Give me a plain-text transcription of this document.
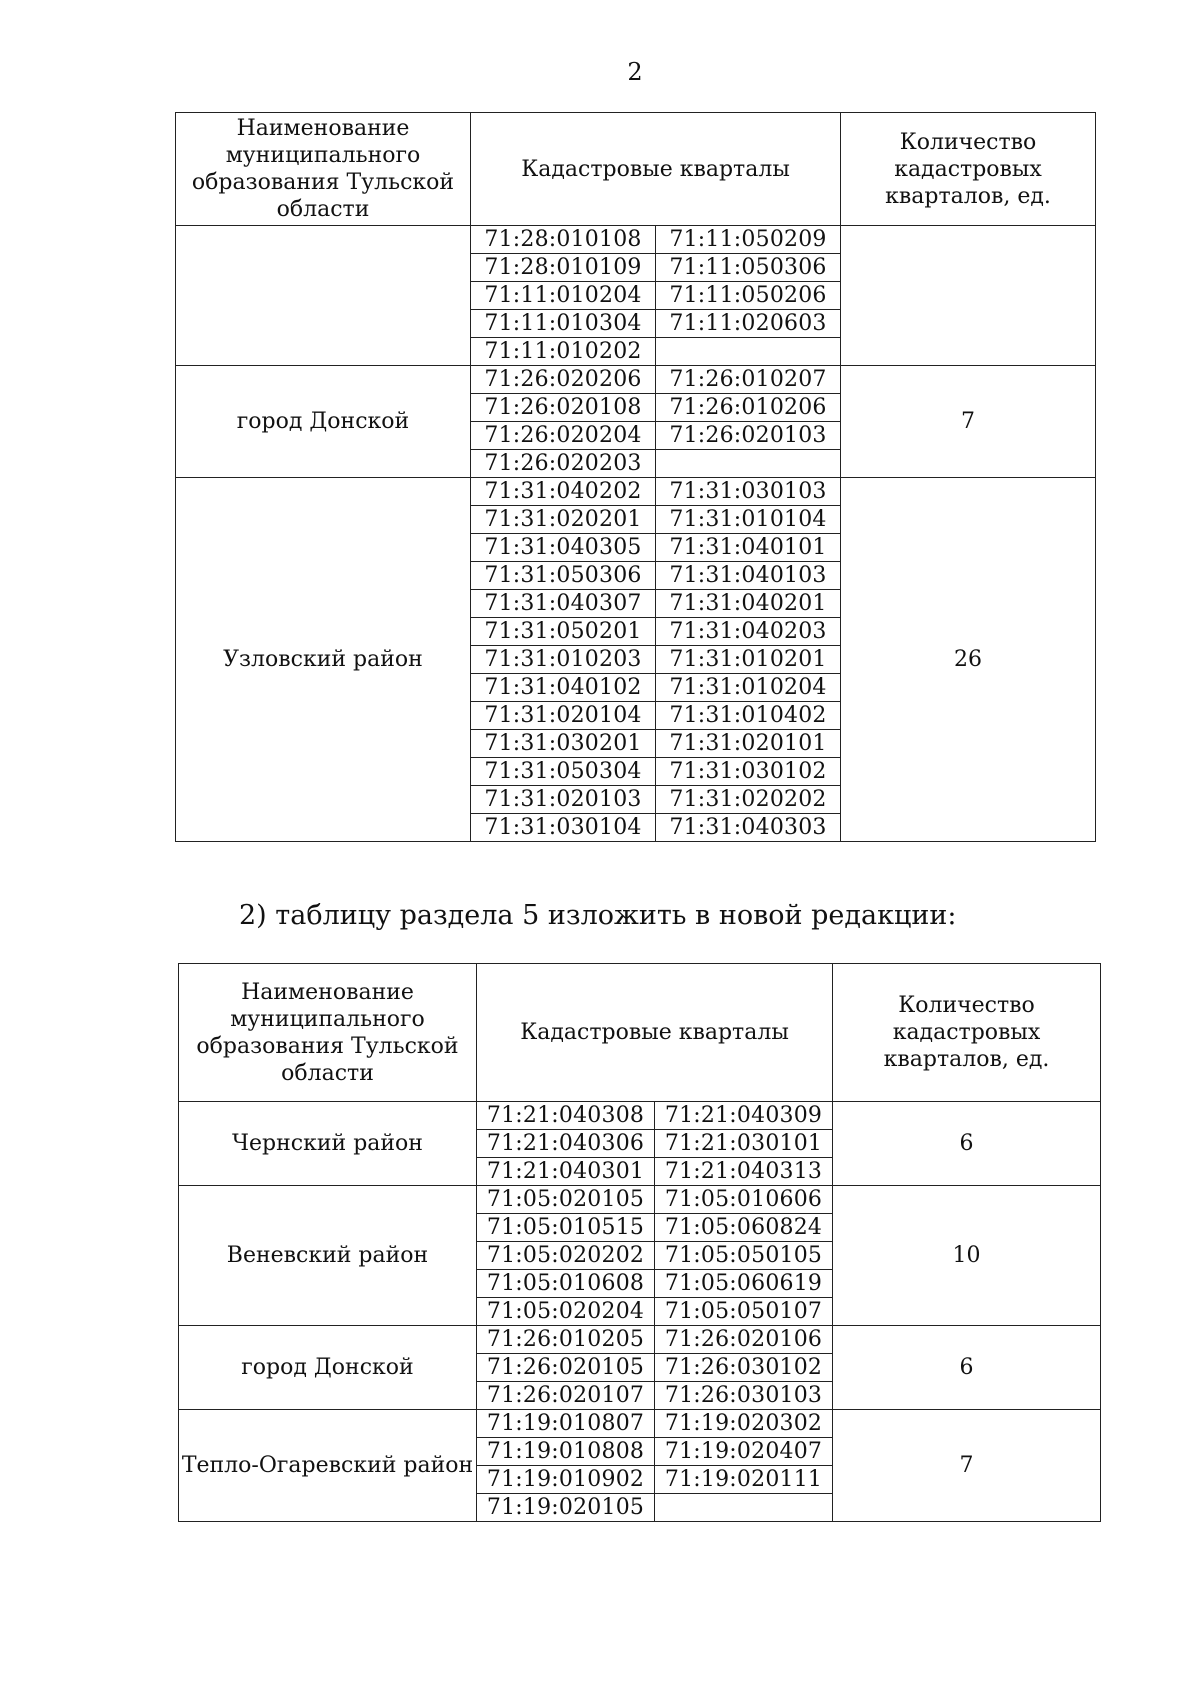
2
Наименование муниципального образования Тульской области	Кадастровые кварталы		Количество кадастровых кварталов, ед.
	71:28:010108	71:11:050209	
	71:28:010109	71:11:050306	
	71:11:010204	71:11:050206	
	71:11:010304	71:11:020603	
	71:11:010202		
город Донской	71:26:020206	71:26:010207	7
	71:26:020108	71:26:010206	
	71:26:020204	71:26:020103	
	71:26:020203		
Узловский район	71:31:040202	71:31:030103	26
	71:31:020201	71:31:010104	
	71:31:040305	71:31:040101	
	71:31:050306	71:31:040103	
	71:31:040307	71:31:040201	
	71:31:050201	71:31:040203	
	71:31:010203	71:31:010201	
	71:31:040102	71:31:010204	
	71:31:020104	71:31:010402	
	71:31:030201	71:31:020101	
	71:31:050304	71:31:030102	
	71:31:020103	71:31:020202	
	71:31:030104	71:31:040303	
2) таблицу раздела 5 изложить в новой редакции:
Наименование муниципального образования Тульской области	Кадастровые кварталы		Количество кадастровых кварталов, ед.
Чернский район	71:21:040308	71:21:040309	6
	71:21:040306	71:21:030101	
	71:21:040301	71:21:040313	
Веневский район	71:05:020105	71:05:010606	10
	71:05:010515	71:05:060824	
	71:05:020202	71:05:050105	
	71:05:010608	71:05:060619	
	71:05:020204	71:05:050107	
город Донской	71:26:010205	71:26:020106	6
	71:26:020105	71:26:030102	
	71:26:020107	71:26:030103	
Тепло-Огаревский район	71:19:010807	71:19:020302	7
	71:19:010808	71:19:020407	
	71:19:010902	71:19:020111	
	71:19:020105		
